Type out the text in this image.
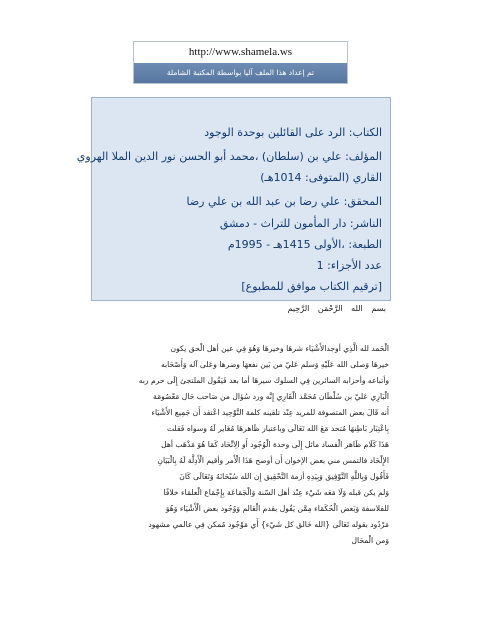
http://www.shamela.ws
تم إعداد هذا الملف آليا بواسطة المكتبة الشاملة
الكتاب: الرد على القائلين بوحدة الوجود
المؤلف: علي بن (سلطان) ،محمد أبو الحسن نور الدين الملا الهروي
القاري (المتوفى: 1014هـ)
المحقق: علي رضا بن عبد الله بن علي رضا
الناشر: دار المأمون للتراث - دمشق
الطبعة: ،الأولى 1415هـ - 1995م
عدد الأجزاء: 1
[ترقيم الكتاب موافق للمطبوع]
بسم الله الرَّحْمَن الرَّحِيم
الْحَمد لله الَّذِي أوجدالأَشْيَاء شرهَا وخيرهَا وَهُوَ فِي عين أهل الْحق يكون
خيرهَا وَصلى الله عَلَيْهِ وَسلم عَليّ من بَين نفعهَا وضرها وعَلى آله وَأَصْحَابه
وأتباعه وأحزابه السائرين فِي السلوك سيرهَا أما بعد فَيَقُول الملتجئ إِلَى حرم ربه
الْبَارِي عَليّ بن سُلْطَان مُحَمَّد الْقَارِي إِنَّه ورد سُؤال من صَاحب حَال مَعْصُومَة
أَنه قَالَ بعض المتصوفة للمريد عِنْد تلقينه كلمة التَّوْحِيد اعْتقد أَن جَمِيع الأَشْيَاء
بِاعْتِبَار بَاطِنهَا مُتحد مَعَ الله تَعَالَى وباعتبار ظَاهرهَا مُغَاير لَهُ وسواه فَقلت
هَذَا كَلَام ظَاهر الْفساد مائل إِلَى وحدة الْوُجُود أَو الِاتِّحَاد كَمَا هُوَ مَذْهَب أهل
الإِلْحَاد فالتمس مني بعض الإخوان أَن أوضح هَذَا الْأَمر وأقيم الْأَدِلَّة لَهُ بِالْبَيَانِ
فَأَقُول وَبِاللَّهِ التَّوْفِيق وَبِيَدِهِ أزمة التَّحْقِيق إِن الله سُبْحَانَهُ وَتَعَالَى كَانَ
وَلم يكن قبله وَلَا مَعَه شَيْء عِنْد أهل السّنة وَالْجَمَاعَة بِإِجْمَاع الْعلمَاء خلافًا
للفلاسفة وَبَعض الْحُكَمَاء مِمَّن يَقُول بقدم الْعَالم وَوُجُود بعض الْأَشْيَاء وَهُوَ
مَرْدُود بقوله تَعَالَى {الله خَالق كل شَيْء} أَي مَوْجُود مُمكن فِي عالمي مشهود
وَمن الْمحَال
